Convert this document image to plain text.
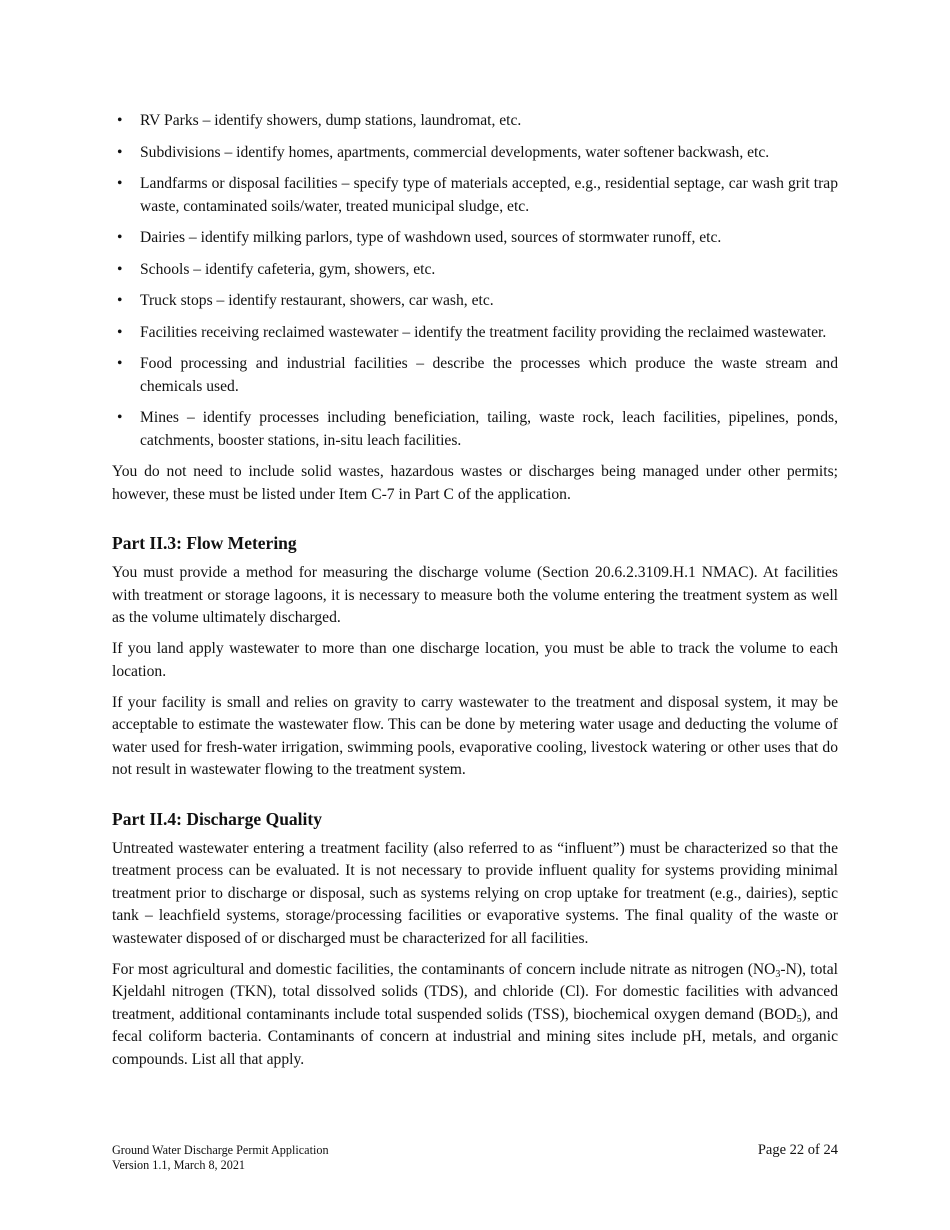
• RV Parks – identify showers, dump stations, laundromat, etc.
• Subdivisions – identify homes, apartments, commercial developments, water softener backwash, etc.
• Landfarms or disposal facilities – specify type of materials accepted, e.g., residential septage, car wash grit trap waste, contaminated soils/water, treated municipal sludge, etc.
• Dairies – identify milking parlors, type of washdown used, sources of stormwater runoff, etc.
• Schools – identify cafeteria, gym, showers, etc.
• Truck stops – identify restaurant, showers, car wash, etc.
• Facilities receiving reclaimed wastewater – identify the treatment facility providing the reclaimed wastewater.
• Food processing and industrial facilities – describe the processes which produce the waste stream and chemicals used.
• Mines – identify processes including beneficiation, tailing, waste rock, leach facilities, pipelines, ponds, catchments, booster stations, in-situ leach facilities.

You do not need to include solid wastes, hazardous wastes or discharges being managed under other permits; however, these must be listed under Item C-7 in Part C of the application.

Part II.3: Flow Metering

You must provide a method for measuring the discharge volume (Section 20.6.2.3109.H.1 NMAC). At facilities with treatment or storage lagoons, it is necessary to measure both the volume entering the treatment system as well as the volume ultimately discharged.

If you land apply wastewater to more than one discharge location, you must be able to track the volume to each location.

If your facility is small and relies on gravity to carry wastewater to the treatment and disposal system, it may be acceptable to estimate the wastewater flow. This can be done by metering water usage and deducting the volume of water used for fresh-water irrigation, swimming pools, evaporative cooling, livestock watering or other uses that do not result in wastewater flowing to the treatment system.

Part II.4: Discharge Quality

Untreated wastewater entering a treatment facility (also referred to as “influent”) must be characterized so that the treatment process can be evaluated. It is not necessary to provide influent quality for systems providing minimal treatment prior to discharge or disposal, such as systems relying on crop uptake for treatment (e.g., dairies), septic tank – leachfield systems, storage/processing facilities or evaporative systems. The final quality of the waste or wastewater disposed of or discharged must be characterized for all facilities.

For most agricultural and domestic facilities, the contaminants of concern include nitrate as nitrogen $(NO_3-N)$, total Kjeldahl nitrogen (TKN), total dissolved solids (TDS), and chloride (Cl). For domestic facilities with advanced treatment, additional contaminants include total suspended solids (TSS), biochemical oxygen demand $(BOD_5)$, and fecal coliform bacteria. Contaminants of concern at industrial and mining sites include pH, metals, and organic compounds. List all that apply.

Ground Water Discharge Permit Application
Version 1.1, March 8, 2021
Page 22 of 24
